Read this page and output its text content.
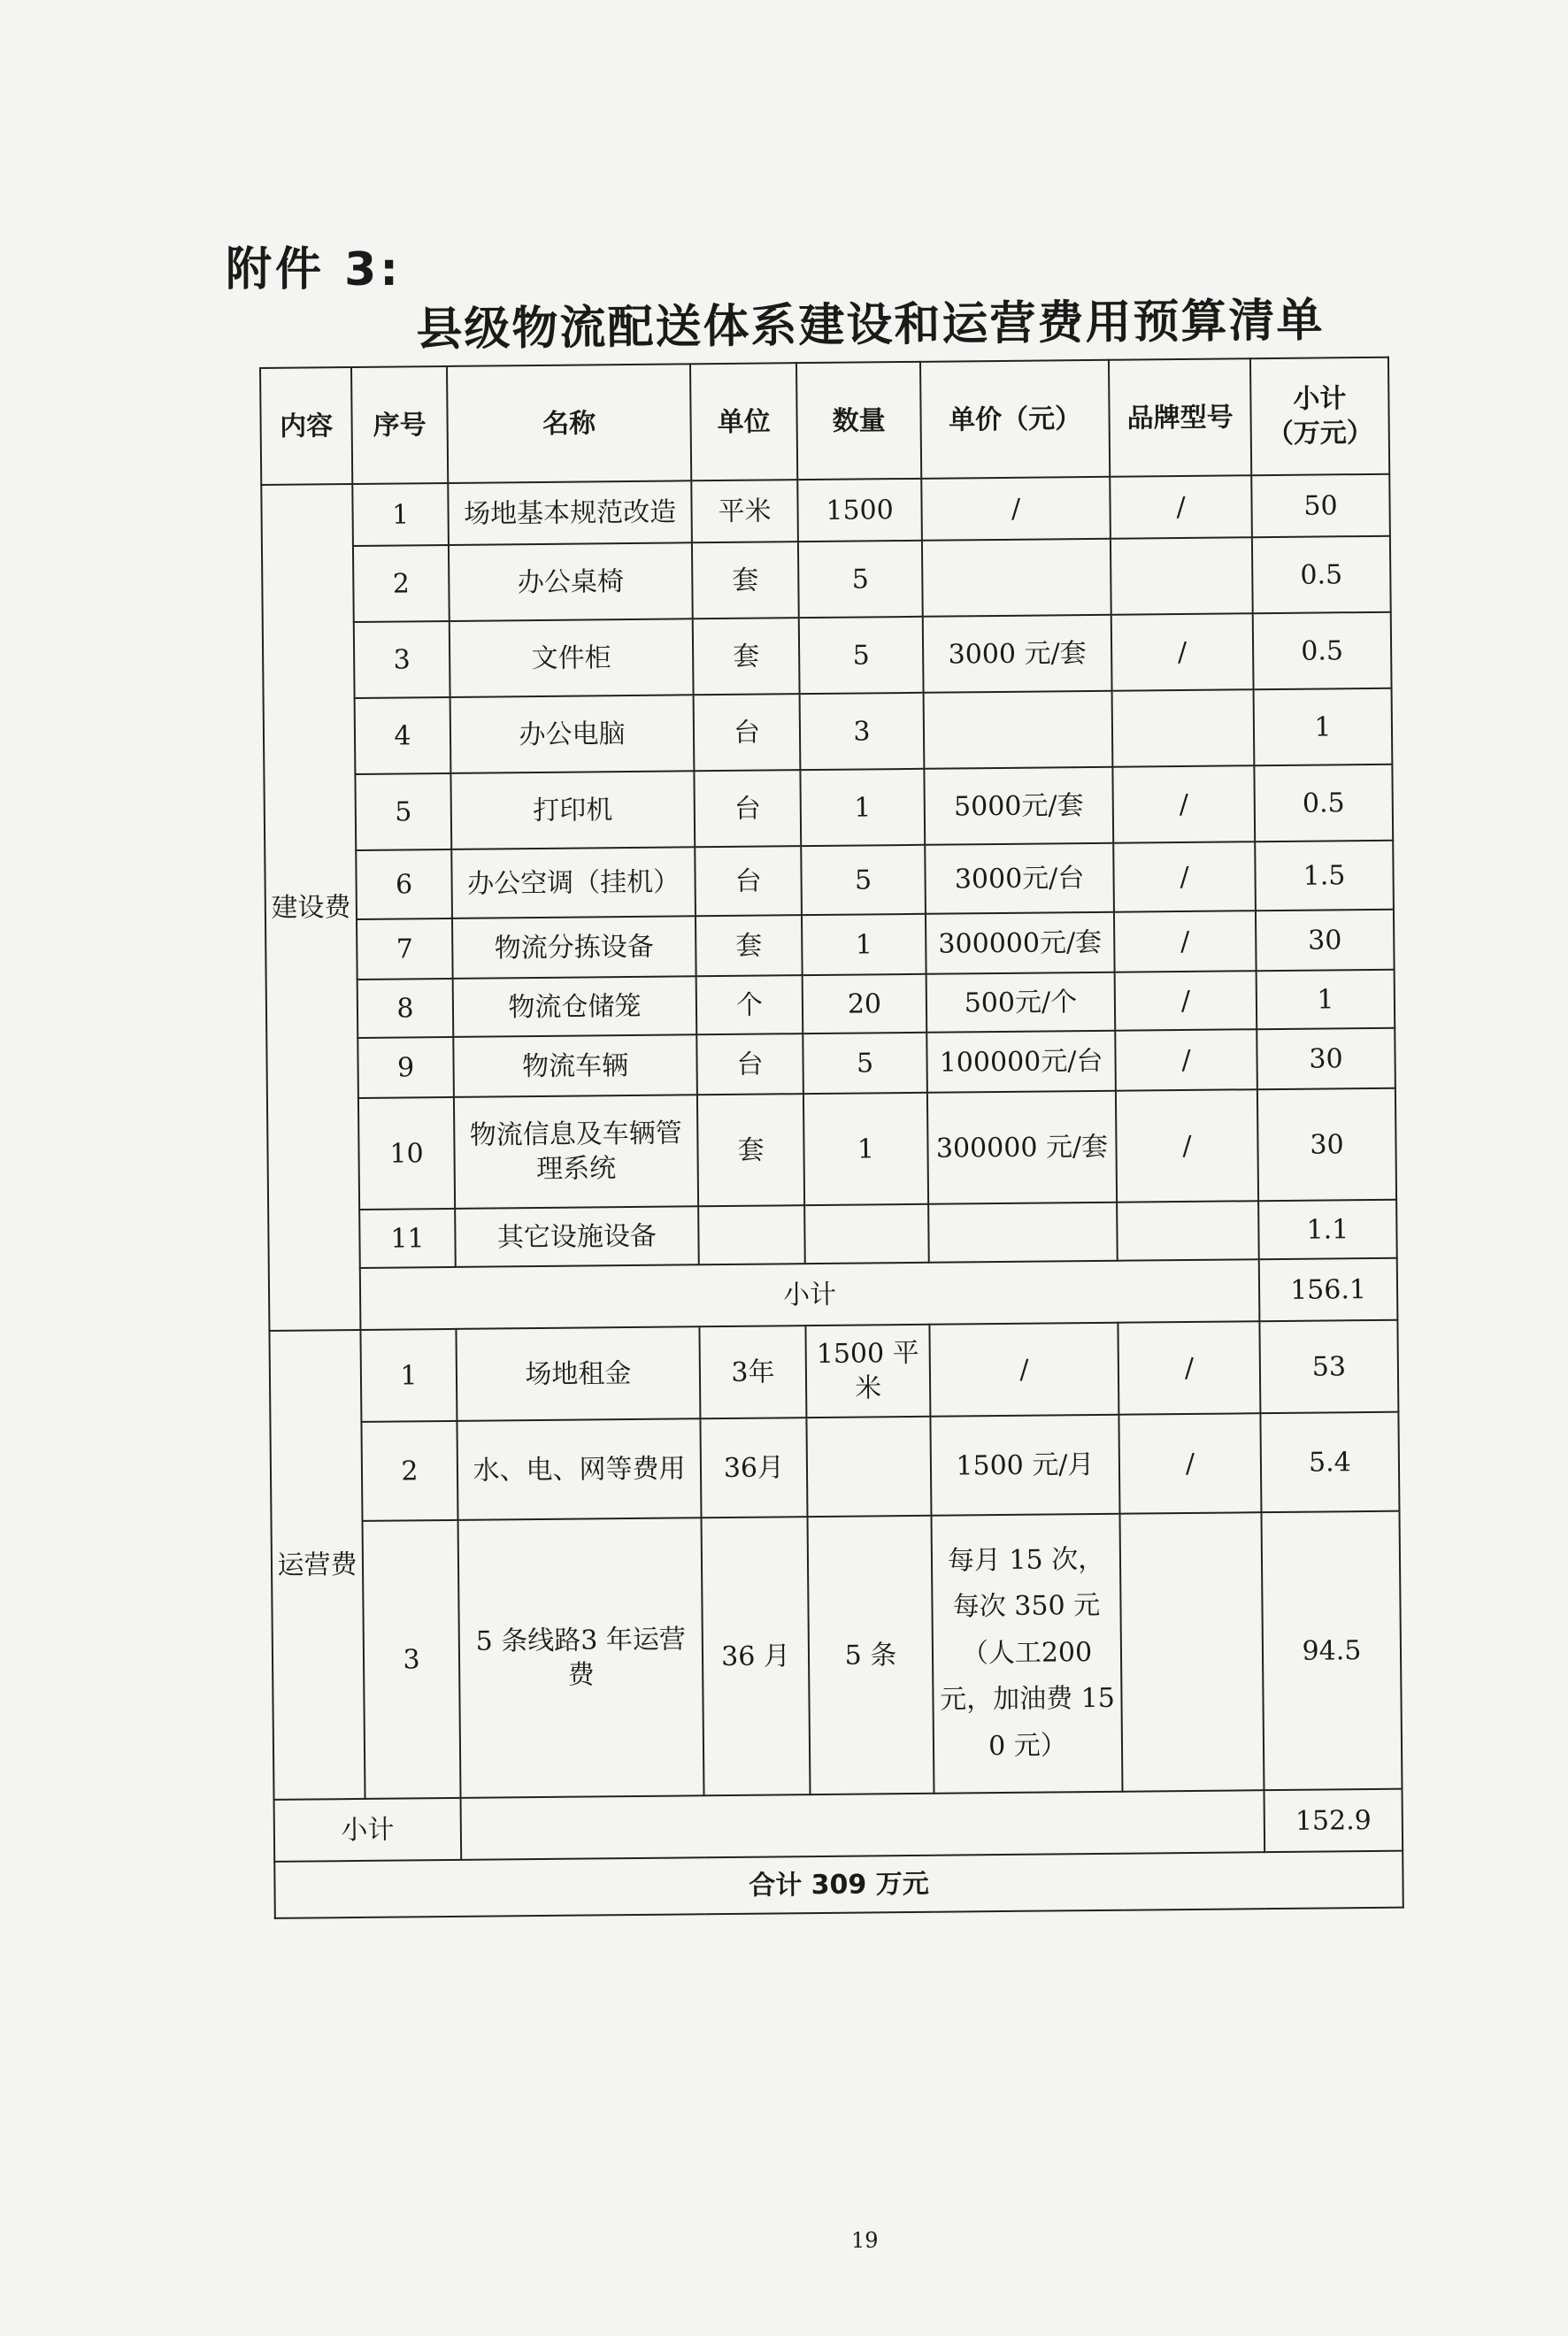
附件 3:
县级物流配送体系建设和运营费用预算清单
内容	序号	名称	单位	数量	单价（元）	品牌型号	小计
（万元）

建设费	1	场地基本规范改造	平米	1500	/	/	50
	2	办公桌椅	套	5			0.5
	3	文件柜	套	5	3000 元/套	/	0.5
	4	办公电脑	台	3			1
	5	打印机	台	1	5000元/套	/	0.5
	6	办公空调（挂机）	台	5	3000元/台	/	1.5
	7	物流分拣设备	套	1	300000元/套	/	30
	8	物流仓储笼	个	20	500元/个	/	1
	9	物流车辆	台	5	100000元/台	/	30
	10	物流信息及车辆管理系统	套	1	300000 元/套	/	30
	11	其它设施设备					1.1
	小计						156.1
运营费	1	场地租金	3年	1500 平米	/	/	53
	2	水、电、网等费用	36月		1500 元/月	/	5.4
	3	5 条线路3 年运营费	36 月	5 条	每月 15 次，每次 350 元（人工200 元，加油费 150 元）		94.5
小计							152.9
合计 309 万元							
19
